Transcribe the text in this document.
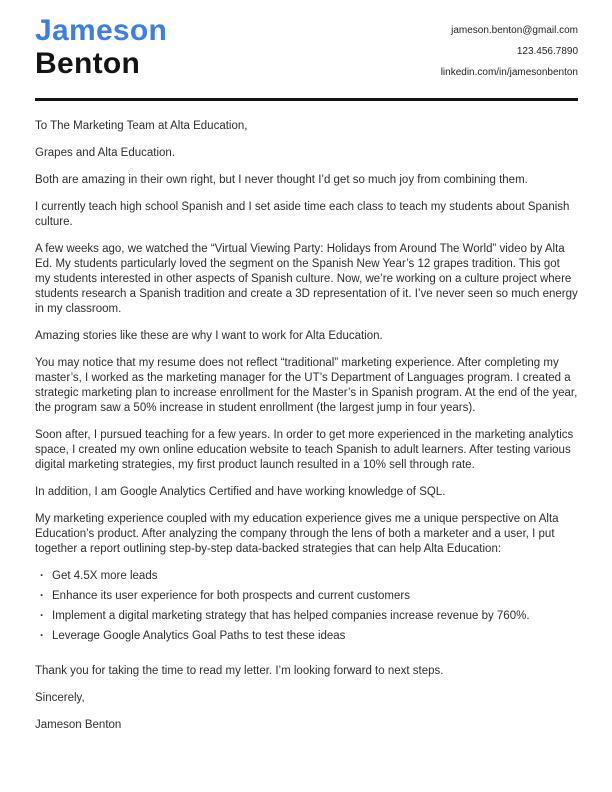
Jameson
Benton
jameson.benton@gmail.com
123.456.7890
linkedin.com/in/jamesonbenton

To The Marketing Team at Alta Education,

Grapes and Alta Education.

Both are amazing in their own right, but I never thought I’d get so much joy from combining them.

I currently teach high school Spanish and I set aside time each class to teach my students about Spanish culture.

A few weeks ago, we watched the “Virtual Viewing Party: Holidays from Around The World” video by Alta Ed. My students particularly loved the segment on the Spanish New Year’s 12 grapes tradition. This got my students interested in other aspects of Spanish culture. Now, we’re working on a culture project where students research a Spanish tradition and create a 3D representation of it. I’ve never seen so much energy in my classroom.

Amazing stories like these are why I want to work for Alta Education.

You may notice that my resume does not reflect “traditional” marketing experience. After completing my master’s, I worked as the marketing manager for the UT’s Department of Languages program. I created a strategic marketing plan to increase enrollment for the Master’s in Spanish program. At the end of the year, the program saw a 50% increase in student enrollment (the largest jump in four years).

Soon after, I pursued teaching for a few years. In order to get more experienced in the marketing analytics space, I created my own online education website to teach Spanish to adult learners. After testing various digital marketing strategies, my first product launch resulted in a 10% sell through rate.

In addition, I am Google Analytics Certified and have working knowledge of SQL.

My marketing experience coupled with my education experience gives me a unique perspective on Alta Education’s product. After analyzing the company through the lens of both a marketer and a user, I put together a report outlining step-by-step data-backed strategies that can help Alta Education:

· Get 4.5X more leads
· Enhance its user experience for both prospects and current customers
· Implement a digital marketing strategy that has helped companies increase revenue by 760%.
· Leverage Google Analytics Goal Paths to test these ideas

Thank you for taking the time to read my letter. I’m looking forward to next steps.

Sincerely,

Jameson Benton
